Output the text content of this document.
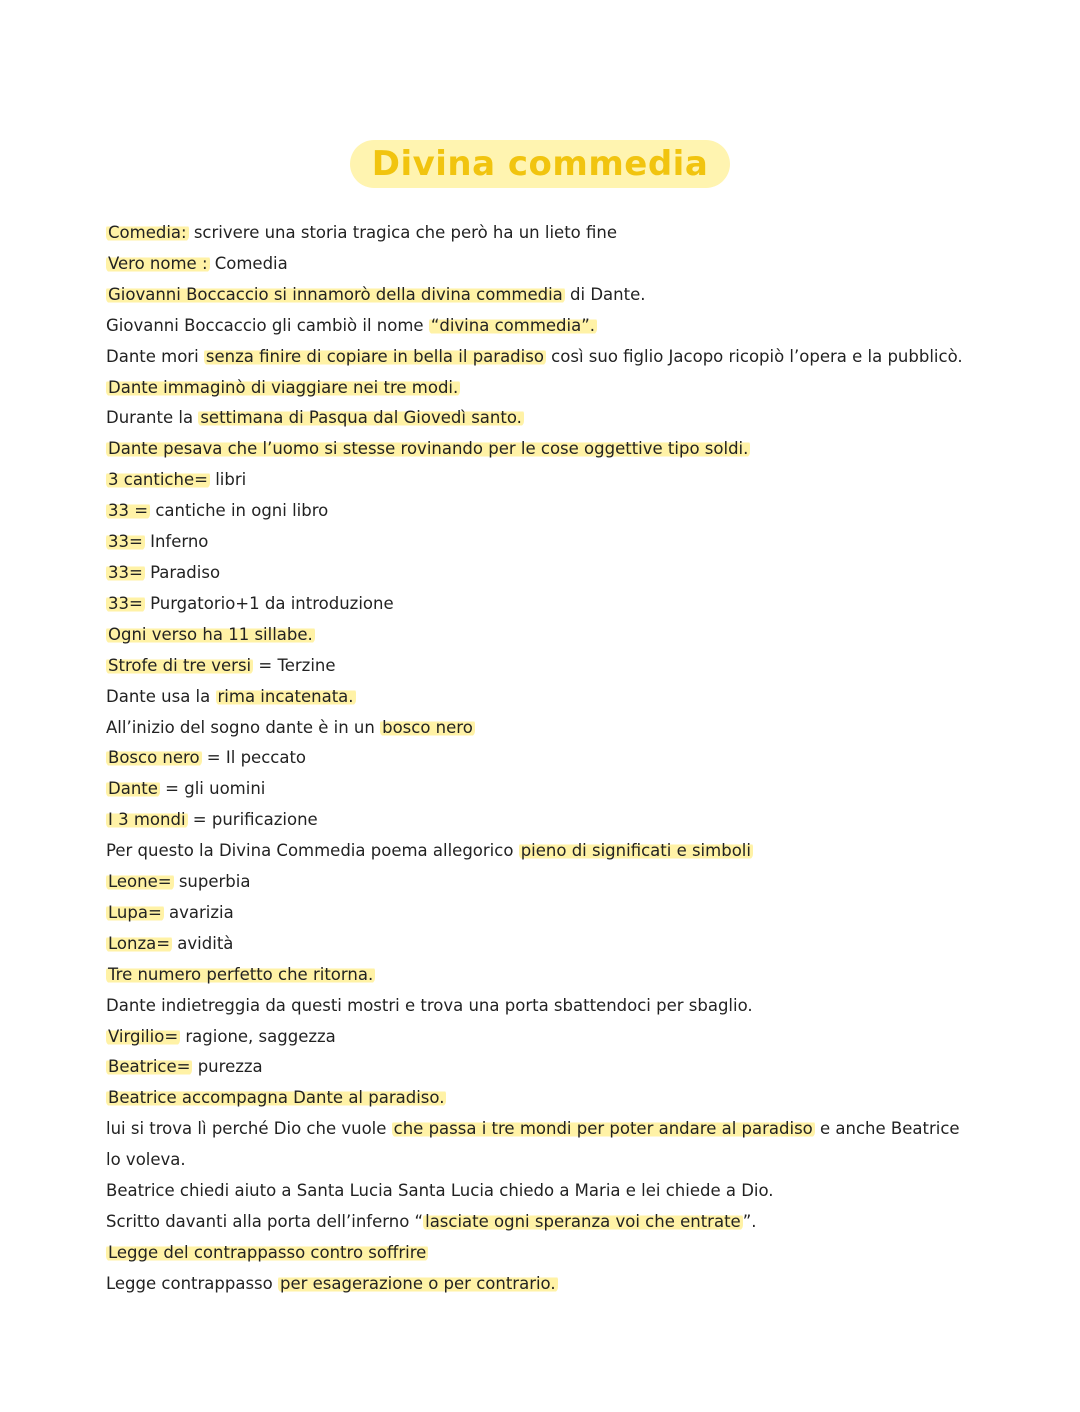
Divina commedia
Comedia: scrivere una storia tragica che però ha un lieto fine
Vero nome : Comedia
Giovanni Boccaccio si innamorò della divina commedia di Dante.
Giovanni Boccaccio gli cambiò il nome “divina commedia”.
Dante mori senza finire di copiare in bella il paradiso così suo figlio Jacopo ricopiò l’opera e la pubblicò.
Dante immaginò di viaggiare nei tre modi.
Durante la settimana di Pasqua dal Giovedì santo.
Dante pesava che l’uomo si stesse rovinando per le cose oggettive tipo soldi.
3 cantiche= libri
33 = cantiche in ogni libro
33= Inferno
33= Paradiso
33= Purgatorio+1 da introduzione
Ogni verso ha 11 sillabe.
Strofe di tre versi = Terzine
Dante usa la rima incatenata.
All’inizio del sogno dante è in un bosco nero
Bosco nero = Il peccato
Dante = gli uomini
I 3 mondi = purificazione
Per questo la Divina Commedia poema allegorico pieno di significati e simboli
Leone= superbia
Lupa= avarizia
Lonza= avidità
Tre numero perfetto che ritorna.
Dante indietreggia da questi mostri e trova una porta sbattendoci per sbaglio.
Virgilio= ragione, saggezza
Beatrice= purezza
Beatrice accompagna Dante al paradiso.
lui si trova lì perché Dio che vuole che passa i tre mondi per poter andare al paradiso e anche Beatrice lo voleva.
Beatrice chiedi aiuto a Santa Lucia Santa Lucia chiedo a Maria e lei chiede a Dio.
Scritto davanti alla porta dell’inferno “ lasciate ogni speranza voi che entrate ”.
Legge del contrappasso contro soffrire
Legge contrappasso per esagerazione o per contrario.
